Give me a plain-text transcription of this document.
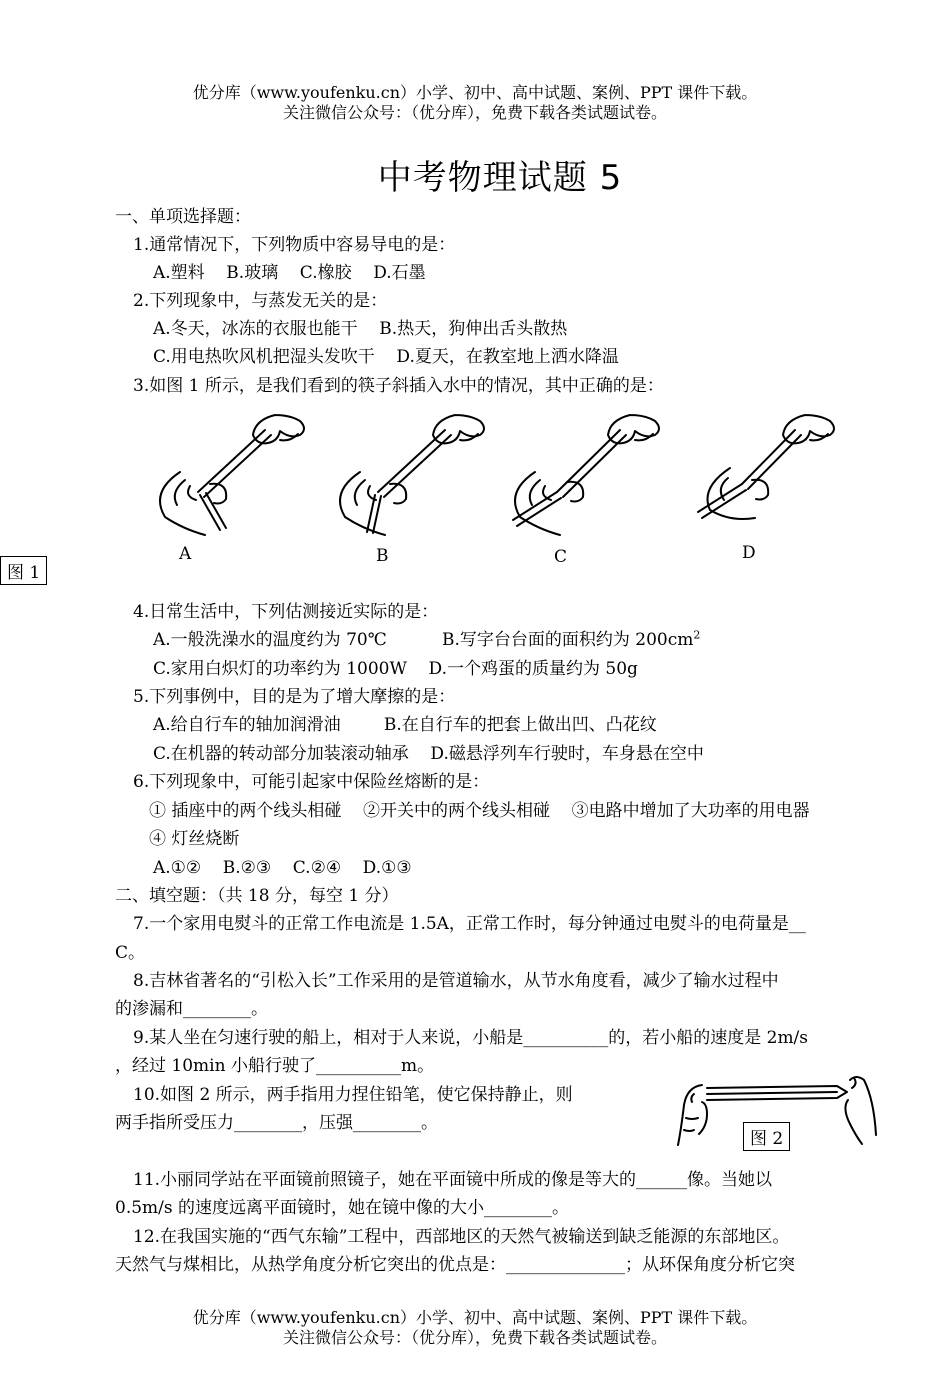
优分库（www.youfenku.cn）小学、初中、高中试题、案例、PPT 课件下载。
关注微信公众号：（优分库），免费下载各类试题试卷。
中考物理试题 5
一、单项选择题：
1.通常情况下，下列物质中容易导电的是：
A.塑料    B.玻璃    C.橡胶    D.石墨
2.下列现象中，与蒸发无关的是：
A.冬天，冰冻的衣服也能干    B.热天，狗伸出舌头散热
C.用电热吹风机把湿头发吹干    D.夏天，在教室地上洒水降温
3.如图 1 所示，是我们看到的筷子斜插入水中的情况，其中正确的是：
A	B	C	D
图 1
4.日常生活中，下列估测接近实际的是：
A.一般洗澡水的温度约为 70℃	B.写字台台面的面积约为 $200cm^2$
C.家用白炽灯的功率约为 1000W    D.一个鸡蛋的质量约为 50g
5.下列事例中，目的是为了增大摩擦的是：
A.给自行车的轴加润滑油        B.在自行车的把套上做出凹、凸花纹
C.在机器的转动部分加装滚动轴承    D.磁悬浮列车行驶时，车身悬在空中
6.下列现象中，可能引起家中保险丝熔断的是：
① 插座中的两个线头相碰    ②开关中的两个线头相碰    ③电路中增加了大功率的用电器
④ 灯丝烧断
A.①②    B.②③    C.②④    D.①③
二、填空题：（共 18 分，每空 1 分）
7.一个家用电熨斗的正常工作电流是 1.5A，正常工作时，每分钟通过电熨斗的电荷量是__
C。
8.吉林省著名的“引松入长”工作采用的是管道输水，从节水角度看，减少了输水过程中
的渗漏和________。
9.某人坐在匀速行驶的船上，相对于人来说，小船是__________的，若小船的速度是 2m/s
，经过 10min 小船行驶了__________m。
10.如图 2 所示，两手指用力捏住铅笔，使它保持静止，则
两手指所受压力________，压强________。
图 2
11.小丽同学站在平面镜前照镜子，她在平面镜中所成的像是等大的______像。当她以
0.5m/s 的速度远离平面镜时，她在镜中像的大小________。
12.在我国实施的“西气东输”工程中，西部地区的天然气被输送到缺乏能源的东部地区。
天然气与煤相比，从热学角度分析它突出的优点是：______________；从环保角度分析它突
优分库（www.youfenku.cn）小学、初中、高中试题、案例、PPT 课件下载。
关注微信公众号：（优分库），免费下载各类试题试卷。
